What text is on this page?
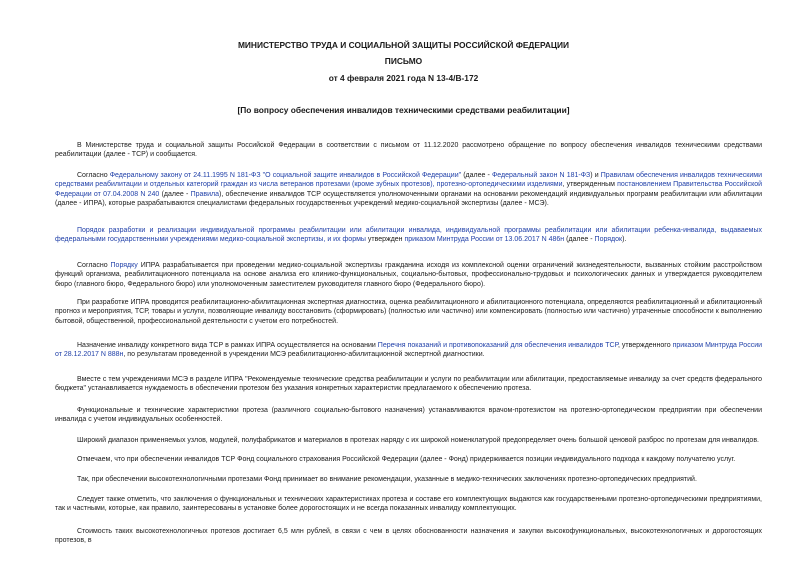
МИНИСТЕРСТВО ТРУДА И СОЦИАЛЬНОЙ ЗАЩИТЫ РОССИЙСКОЙ ФЕДЕРАЦИИ
ПИСЬМО
от 4 февраля 2021 года N 13-4/В-172
[По вопросу обеспечения инвалидов техническими средствами реабилитации]
В Министерстве труда и социальной защиты Российской Федерации в соответствии с письмом от 11.12.2020 рассмотрено обращение по вопросу обеспечения инвалидов техническими средствами реабилитации (далее - ТСР) и сообщается.
Согласно Федеральному закону от 24.11.1995 N 181-ФЗ "О социальной защите инвалидов в Российской Федерации" (далее - Федеральный закон N 181-ФЗ) и Правилам обеспечения инвалидов техническими средствами реабилитации и отдельных категорий граждан из числа ветеранов протезами (кроме зубных протезов), протезно-ортопедическими изделиями, утвержденным постановлением Правительства Российской Федерации от 07.04.2008 N 240 (далее - Правила), обеспечение инвалидов ТСР осуществляется уполномоченными органами на основании рекомендаций индивидуальных программ реабилитации или абилитации (далее - ИПРА), которые разрабатываются специалистами федеральных государственных учреждений медико-социальной экспертизы (далее - МСЭ).
Порядок разработки и реализации индивидуальной программы реабилитации или абилитации инвалида, индивидуальной программы реабилитации или абилитации ребенка-инвалида, выдаваемых федеральными государственными учреждениями медико-социальной экспертизы, и их формы утвержден приказом Минтруда России от 13.06.2017 N 486н (далее - Порядок).
Согласно Порядку ИПРА разрабатывается при проведении медико-социальной экспертизы гражданина исходя из комплексной оценки ограничений жизнедеятельности, вызванных стойким расстройством функций организма, реабилитационного потенциала на основе анализа его клинико-функциональных, социально-бытовых, профессионально-трудовых и психологических данных и утверждается руководителем бюро (главного бюро, Федерального бюро) или уполномоченным заместителем руководителя главного бюро (Федерального бюро).
При разработке ИПРА проводится реабилитационно-абилитационная экспертная диагностика, оценка реабилитационного и абилитационного потенциала, определяются реабилитационный и абилитационный прогноз и мероприятия, ТСР, товары и услуги, позволяющие инвалиду восстановить (сформировать) (полностью или частично) или компенсировать (полностью или частично) утраченные способности к выполнению бытовой, общественной, профессиональной деятельности с учетом его потребностей.
Назначение инвалиду конкретного вида ТСР в рамках ИПРА осуществляется на основании Перечня показаний и противопоказаний для обеспечения инвалидов ТСР, утвержденного приказом Минтруда России от 28.12.2017 N 888н, по результатам проведенной в учреждении МСЭ реабилитационно-абилитационной экспертной диагностики.
Вместе с тем учреждениями МСЭ в разделе ИПРА "Рекомендуемые технические средства реабилитации и услуги по реабилитации или абилитации, предоставляемые инвалиду за счет средств федерального бюджета" устанавливается нуждаемость в обеспечении протезом без указания конкретных характеристик предлагаемого к обеспечению протеза.
Функциональные и технические характеристики протеза (различного социально-бытового назначения) устанавливаются врачом-протезистом на протезно-ортопедическом предприятии при обеспечении инвалида с учетом индивидуальных особенностей.
Широкий диапазон применяемых узлов, модулей, полуфабрикатов и материалов в протезах наряду с их широкой номенклатурой предопределяет очень большой ценовой разброс по протезам для инвалидов.
Отмечаем, что при обеспечении инвалидов ТСР Фонд социального страхования Российской Федерации (далее - Фонд) придерживается позиции индивидуального подхода к каждому получателю услуг.
Так, при обеспечении высокотехнологичными протезами Фонд принимает во внимание рекомендации, указанные в медико-технических заключениях протезно-ортопедических предприятий.
Следует также отметить, что заключения о функциональных и технических характеристиках протеза и составе его комплектующих выдаются как государственными протезно-ортопедическими предприятиями, так и частными, которые, как правило, заинтересованы в установке более дорогостоящих и не всегда показанных инвалиду комплектующих.
Стоимость таких высокотехнологичных протезов достигает 6,5 млн рублей, в связи с чем в целях обоснованности назначения и закупки высокофункциональных, высокотехнологичных и дорогостоящих протезов, в
